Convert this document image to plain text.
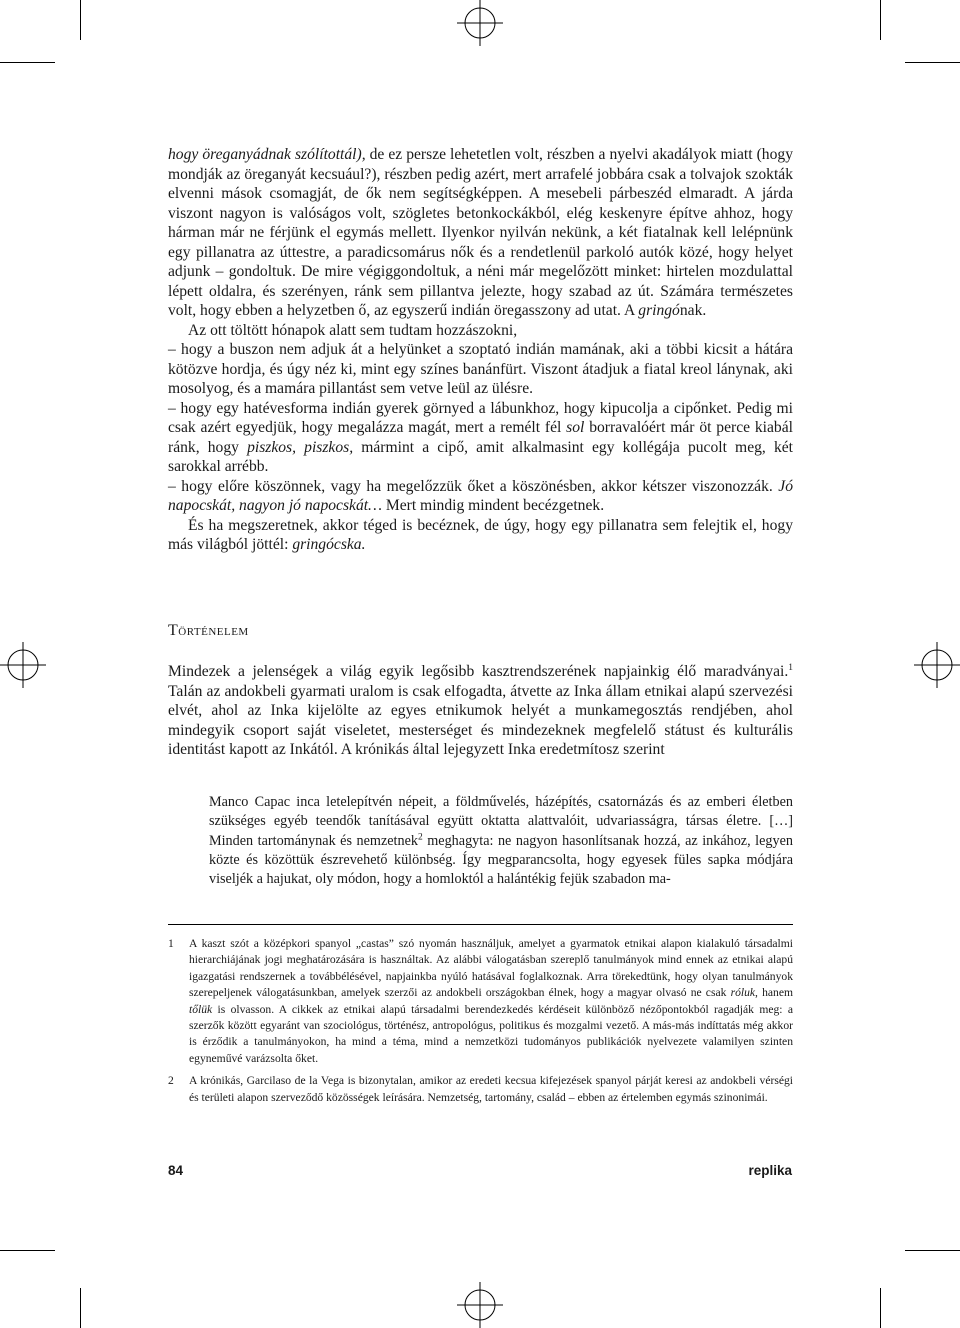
hogy öreganyádnak szólítottál), de ez persze lehetetlen volt, részben a nyelvi akadályok miatt (hogy mondják az öreganyát kecsuául?), részben pedig azért, mert arrafelé jobbára csak a tolvajok szokták elvenni mások csomagját, de ők nem segítségképpen. A mesebeli párbeszéd elmaradt. A járda viszont nagyon is valóságos volt, szögletes betonkockákból, elég keskenyre építve ahhoz, hogy hárman már ne férjünk el egymás mellett. Ilyenkor nyilván nekünk, a két fiatalnak kell lelépnünk egy pillanatra az úttestre, a paradicsomárus nők és a rendetlenül parkoló autók közé, hogy helyet adjunk – gondoltuk. De mire végiggondoltuk, a néni már megelőzött minket: hirtelen mozdulattal lépett oldalra, és szerényen, ránk sem pillantva jelezte, hogy szabad az út. Számára természetes volt, hogy ebben a helyzetben ő, az egyszerű indián öregasszony ad utat. A gringónak.

Az ott töltött hónapok alatt sem tudtam hozzászokni,

– hogy a buszon nem adjuk át a helyünket a szoptató indián mamának, aki a többi kicsit a hátára kötözve hordja, és úgy néz ki, mint egy színes banánfürt. Viszont átadjuk a fiatal kreol lánynak, aki mosolyog, és a mamára pillantást sem vetve leül az ülésre.

– hogy egy hatévesforma indián gyerek görnyed a lábunkhoz, hogy kipucolja a cipőnket. Pedig mi csak azért egyedjük, hogy megalázza magát, mert a remélt fél sol borravalóért már öt perce kiabál ránk, hogy piszkos, piszkos, mármint a cipő, amit alkalmasint egy kollégája pucolt meg, két sarokkal arrébb.

– hogy előre köszönnek, vagy ha megelőzzük őket a köszönésben, akkor kétszer viszonozzák. Jó napocskát, nagyon jó napocskát… Mert mindig mindent becézgetnek.

És ha megszeretnek, akkor téged is becéznek, de úgy, hogy egy pillanatra sem felejtik el, hogy más világból jöttél: gringócska.

Történelem

Mindezek a jelenségek a világ egyik legősibb kasztrendszerének napjainkig élő maradványai.$^1$ Talán az andokbeli gyarmati uralom is csak elfogadta, átvette az Inka állam etnikai alapú szervezési elvét, ahol az Inka kijelölte az egyes etnikumok helyét a munkamegosztás rendjében, ahol mindegyik csoport saját viseletet, mesterséget és mindezeknek megfelelő státust és kulturális identitást kapott az Inkától. A krónikás által lejegyzett Inka eredetmítosz szerint

Manco Capac inca letelepítvén népeit, a földművelés, házépítés, csatornázás és az emberi életben szükséges egyéb teendők tanításával együtt oktatta alattvalóit, udvariasságra, társas életre. […] Minden tartománynak és nemzetnek$^2$ meghagyta: ne nagyon hasonlítsanak hozzá, az inkához, legyen közte és közöttük észrevehető különbség. Így megparancsolta, hogy egyesek füles sapka módjára viseljék a hajukat, oly módon, hogy a homloktól a halántékig fejük szabadon ma-

1	A kaszt szót a középkori spanyol „castas” szó nyomán használjuk, amelyet a gyarmatok etnikai alapon kialakuló társadalmi hierarchiájának jogi meghatározására is használtak. Az alábbi válogatásban szereplő tanulmányok mind ennek az etnikai alapú igazgatási rendszernek a továbbélésével, napjainkba nyúló hatásával foglalkoznak. Arra törekedtünk, hogy olyan tanulmányok szerepeljenek válogatásunkban, amelyek szerzői az andokbeli országokban élnek, hogy a magyar olvasó ne csak róluk, hanem tőlük is olvasson. A cikkek az etnikai alapú társadalmi berendezkedés kérdéseit különböző nézőpontokból ragadják meg: a szerzők között egyaránt van szociológus, történész, antropológus, politikus és mozgalmi vezető. A más-más indíttatás még akkor is érződik a tanulmányokon, ha mind a téma, mind a nemzetközi tudományos publikációk nyelvezete valamilyen szinten egyneművé varázsolta őket.
2	A krónikás, Garcilaso de la Vega is bizonytalan, amikor az eredeti kecsua kifejezések spanyol párját keresi az andokbeli vérségi és területi alapon szerveződő közösségek leírására. Nemzetség, tartomány, család – ebben az értelemben egymás szinonimái.
84	replika
